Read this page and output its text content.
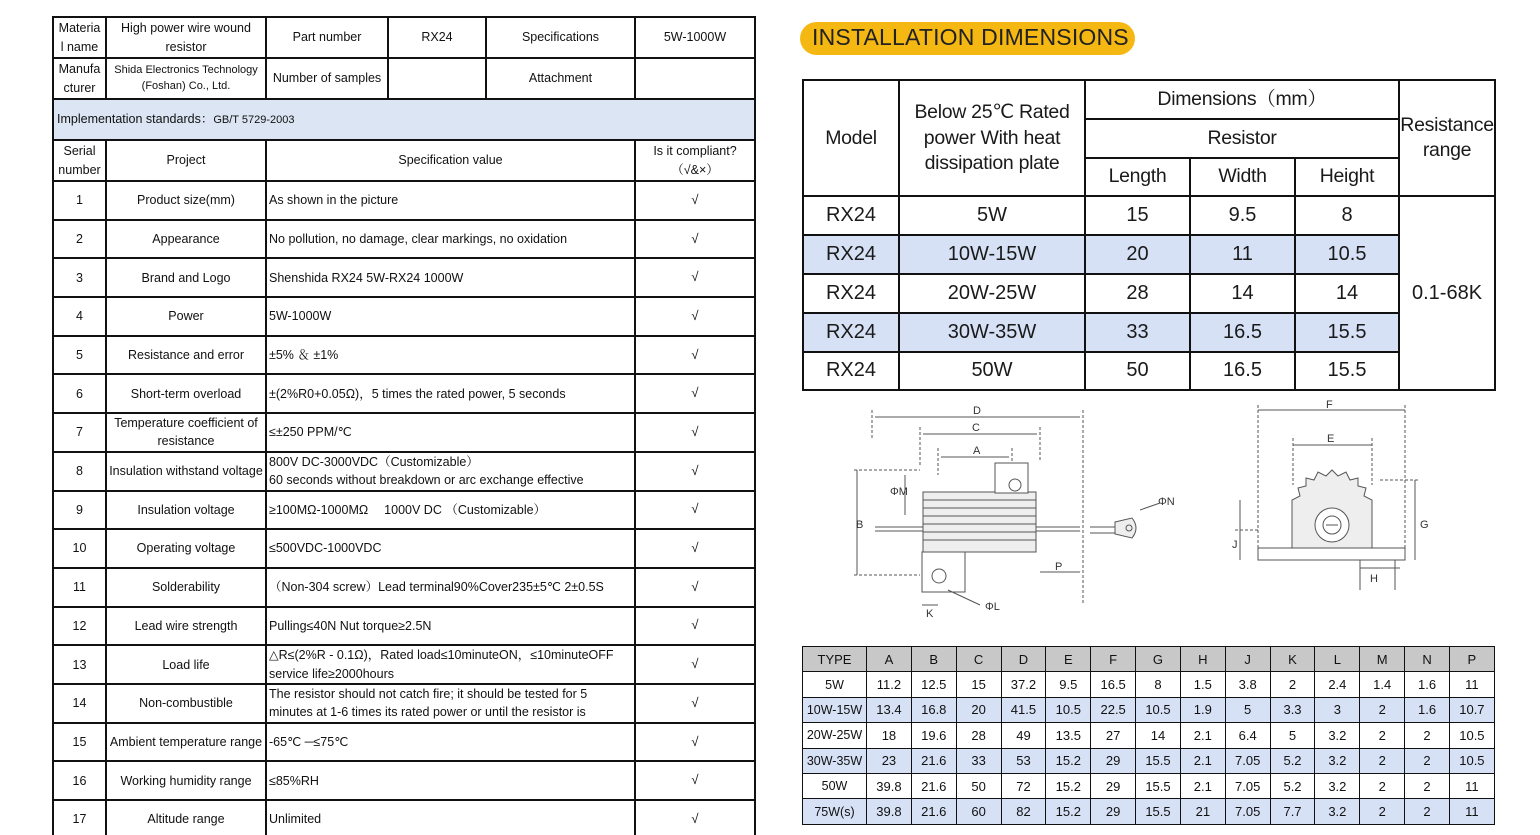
Materia l name	High power wire wound resistor	Part number	RX24	Specifications	5W-1000W
Manufa cturer	Shida Electronics Technology (Foshan) Co., Ltd.	Number of samples		Attachment	
Implementation standards：GB/T 5729-2003					
Serial number	Project	Specification value			Is it compliant?（√&×）
1	Product size(mm)	As shown in the picture			√
2	Appearance	No pollution, no damage, clear markings, no oxidation			√
3	Brand and Logo	Shenshida RX24 5W-RX24 1000W			√
4	Power	5W-1000W			√
5	Resistance and error	±5% ＆ ±1%			√
6	Short-term overload	±(2%R0+0.05Ω)，5 times the rated power, 5 seconds			√
7	Temperature coefficient of resistance	≤±250 PPM/℃			√
8	Insulation withstand voltage	800V DC-3000VDC（Customizable）
60 seconds without breakdown or arc exchange effective			√
9	Insulation voltage	≥100MΩ-1000MΩ　 1000V DC （Customizable）			√
10	Operating voltage	≤500VDC-1000VDC			√
11	Solderability	（Non-304 screw）Lead terminal90%Cover235±5℃ 2±0.5S			√
12	Lead wire strength	Pulling≤40N Nut torque≥2.5N			√
13	Load life	△R≤(2%R - 0.1Ω)，Rated load≤10minuteON，≤10minuteOFF
service life≥2000hours			√
14	Non-combustible	The resistor should not catch fire; it should be tested for 5
minutes at 1-6 times its rated power or until the resistor is			√
15	Ambient temperature range	-65℃ ─≤75℃			√
16	Working humidity range	≤85%RH			√
17	Altitude range	Unlimited			√
INSTALLATION DIMENSIONS
Model	Below 25℃ Rated power With heat dissipation plate	Dimensions（mm）			Resistance range
		Resistor			
		Length	Width	Height	
RX24	5W	15	9.5	8	0.1-68K
RX24	10W-15W	20	11	10.5	
RX24	20W-25W	28	14	14	
RX24	30W-35W	33	16.5	15.5	
RX24	50W	50	16.5	15.5	
D
C
A
ΦM
B
ΦN
P
K
ΦL
F
E
G
J
H
TYPE	A	B	C	D	E	F	G	H	J	K	L	M	N	P
5W	11.2	12.5	15	37.2	9.5	16.5	8	1.5	3.8	2	2.4	1.4	1.6	11
10W-15W	13.4	16.8	20	41.5	10.5	22.5	10.5	1.9	5	3.3	3	2	1.6	10.7
20W-25W	18	19.6	28	49	13.5	27	14	2.1	6.4	5	3.2	2	2	10.5
30W-35W	23	21.6	33	53	15.2	29	15.5	2.1	7.05	5.2	3.2	2	2	10.5
50W	39.8	21.6	50	72	15.2	29	15.5	2.1	7.05	5.2	3.2	2	2	11
75W(s)	39.8	21.6	60	82	15.2	29	15.5	21	7.05	7.7	3.2	2	2	11
